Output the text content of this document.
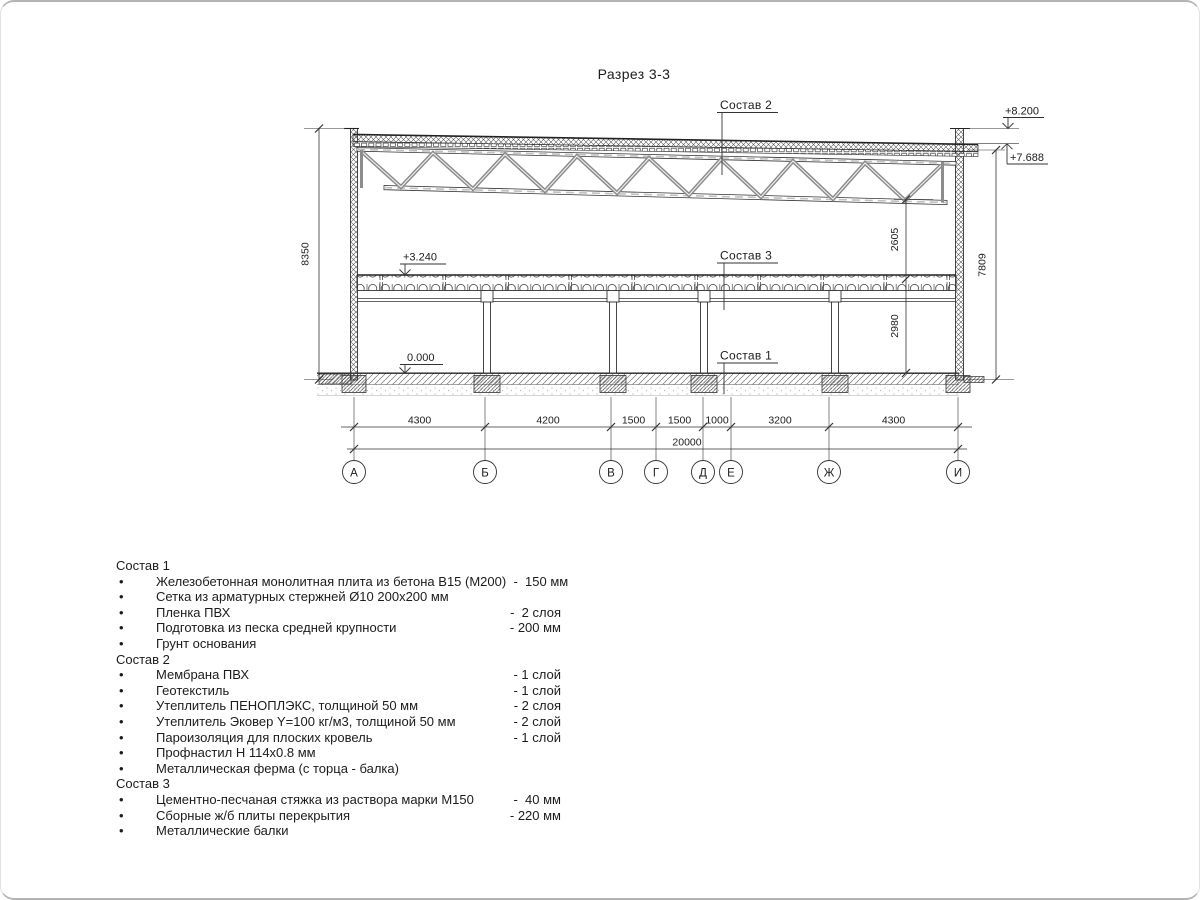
Состав 2
Состав 3
Состав 1
+8.200
+7.688
+3.240
0.000
8350
2605
2980
7809
4300	4200	1500 1500 1000	3200	4300
20000
А	Б	В	Г	Д Е	Ж	И
Разрез 3-3
Состав 1
•	Железобетонная монолитная плита из бетона В15 (М200) -  150 мм
•	Сетка из арматурных стержней Ø10 200х200 мм
•	Пленка ПВХ	-  2 слоя
•	Подготовка из песка средней крупности	- 200 мм
•	Грунт основания
Состав 2
•	Мембрана ПВХ	- 1 слой
•	Геотекстиль	- 1 слой
•	Утеплитель ПЕНОПЛЭКС, толщиной 50 мм	- 2 слоя
•	Утеплитель Эковер Y=100 кг/м3, толщиной 50 мм	- 2 слой
•	Пароизоляция для плоских кровель	- 1 слой
•	Профнастил Н 114х0.8 мм
•	Металлическая ферма (с торца - балка)
Состав 3
•	Цементно-песчаная стяжка из раствора марки М150	-  40 мм
•	Сборные ж/б плиты перекрытия	- 220 мм
•	Металлические балки
